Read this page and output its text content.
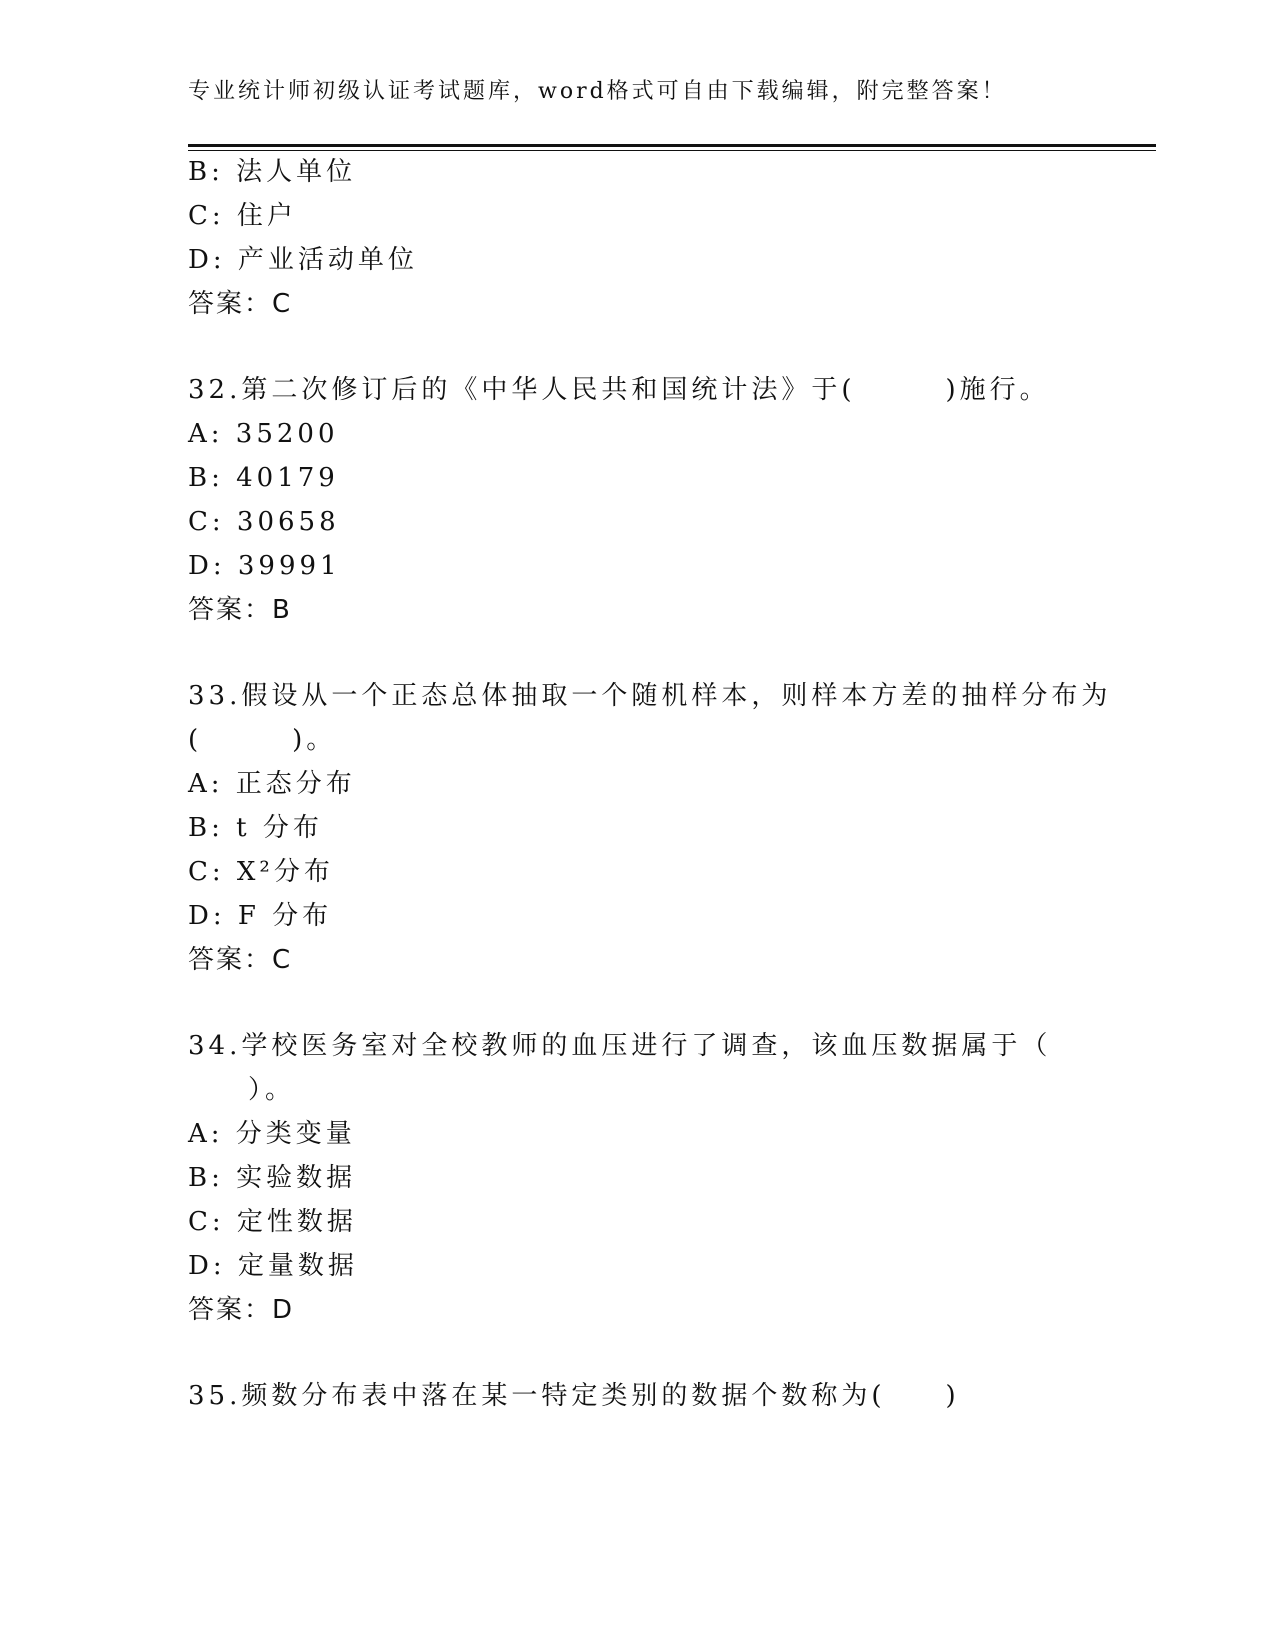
专业统计师初级认证考试题库，word格式可自由下载编辑，附完整答案！
B: 法人单位
C: 住户
D: 产业活动单位
答案：C
32.第二次修订后的《中华人民共和国统计法》于(　　　)施行。
A: 35200
B: 40179
C: 30658
D: 39991
答案：B
33.假设从一个正态总体抽取一个随机样本，则样本方差的抽样分布为
(　　　)。
A: 正态分布
B: t 分布
C: X²分布
D: F 分布
答案：C
34.学校医务室对全校教师的血压进行了调查，该血压数据属于（
　　）。
A: 分类变量
B: 实验数据
C: 定性数据
D: 定量数据
答案：D
35.频数分布表中落在某一特定类别的数据个数称为(　　)
